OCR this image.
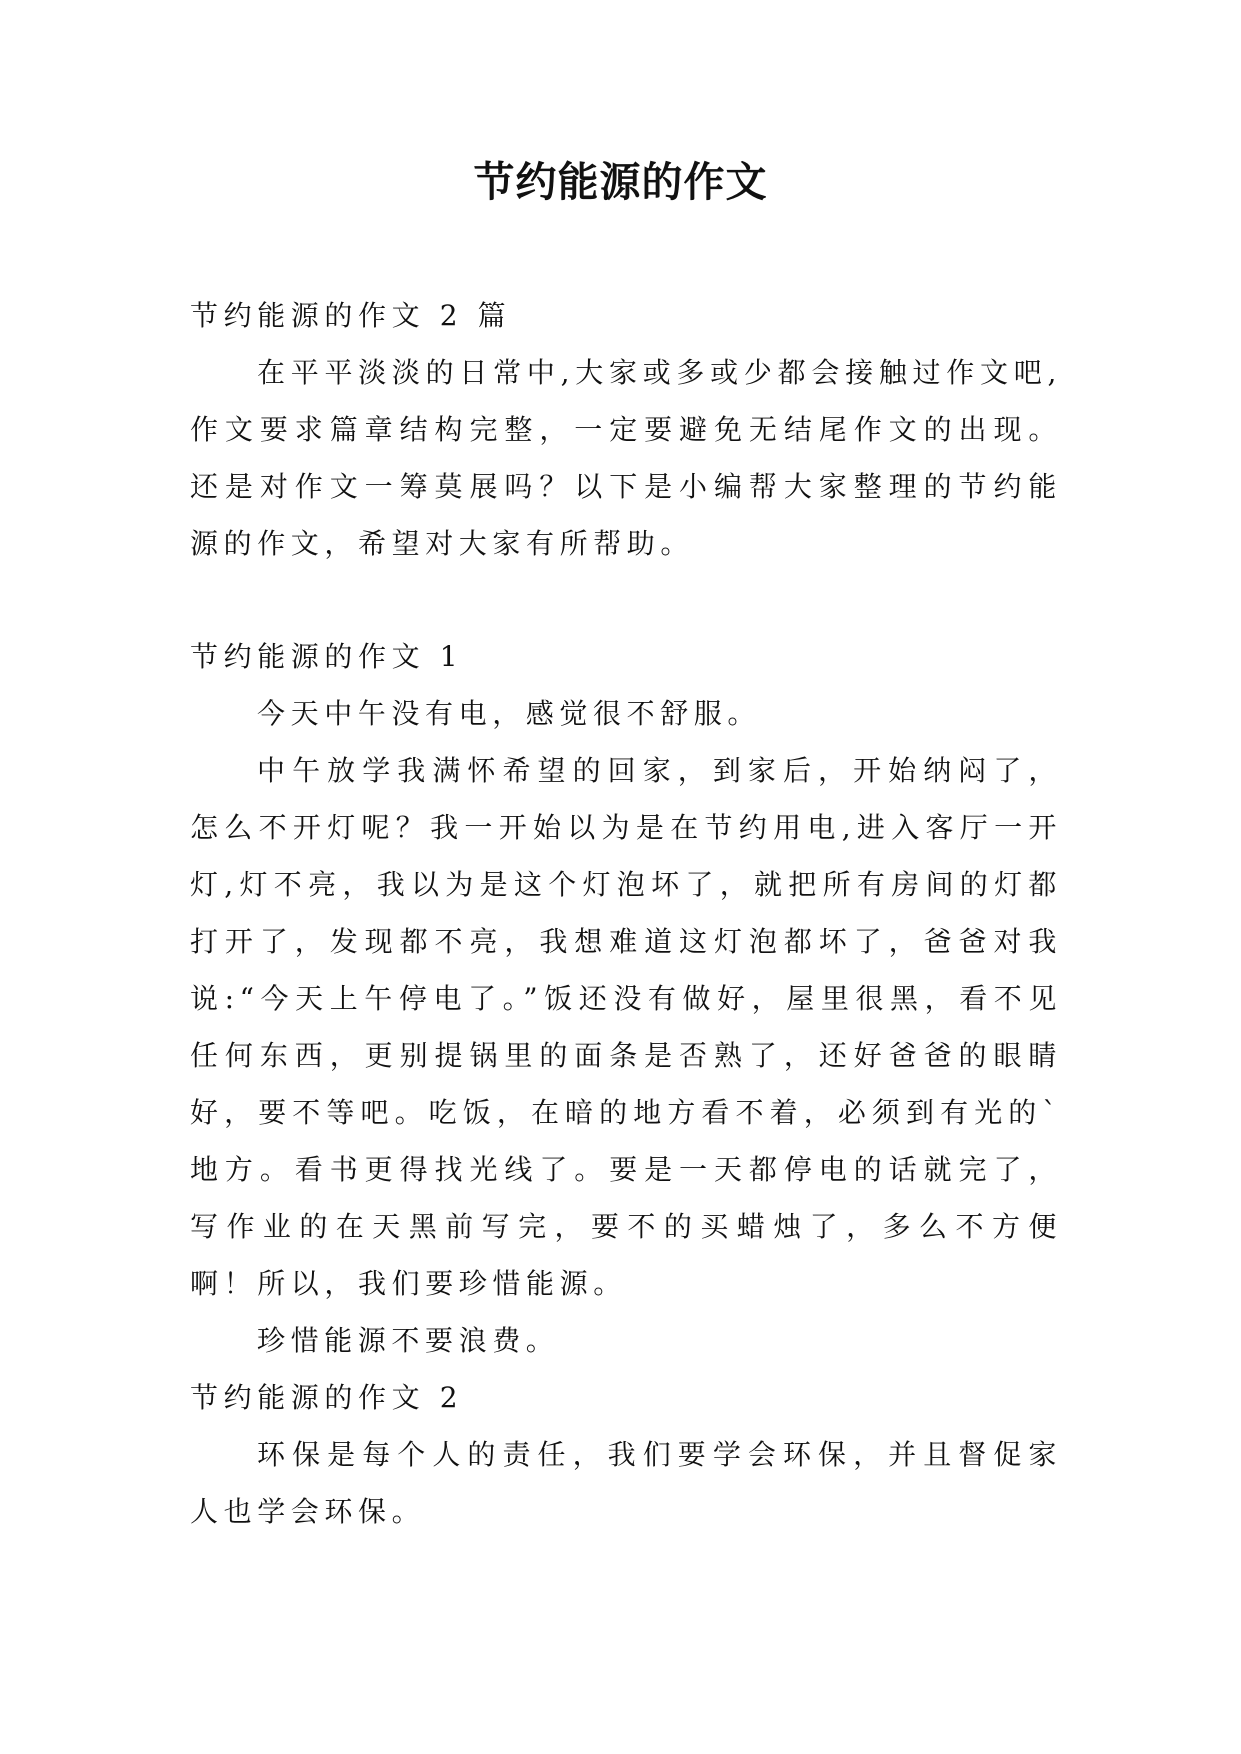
节约能源的作文

节约能源的作文 2 篇

在平平淡淡的日常中,大家或多或少都会接触过作文吧,作文要求篇章结构完整，一定要避免无结尾作文的出现。还是对作文一筹莫展吗？以下是小编帮大家整理的节约能源的作文，希望对大家有所帮助。

节约能源的作文 1

今天中午没有电，感觉很不舒服。

中午放学我满怀希望的回家，到家后，开始纳闷了，怎么不开灯呢？我一开始以为是在节约用电,进入客厅一开灯,灯不亮，我以为是这个灯泡坏了，就把所有房间的灯都打开了，发现都不亮，我想难道这灯泡都坏了，爸爸对我说:“今天上午停电了。”饭还没有做好，屋里很黑，看不见任何东西，更别提锅里的面条是否熟了，还好爸爸的眼睛好，要不等吧。吃饭，在暗的地方看不着，必须到有光的`地方。看书更得找光线了。要是一天都停电的话就完了，写作业的在天黑前写完，要不的买蜡烛了，多么不方便啊！所以，我们要珍惜能源。

珍惜能源不要浪费。

节约能源的作文 2

环保是每个人的责任，我们要学会环保，并且督促家人也学会环保。
